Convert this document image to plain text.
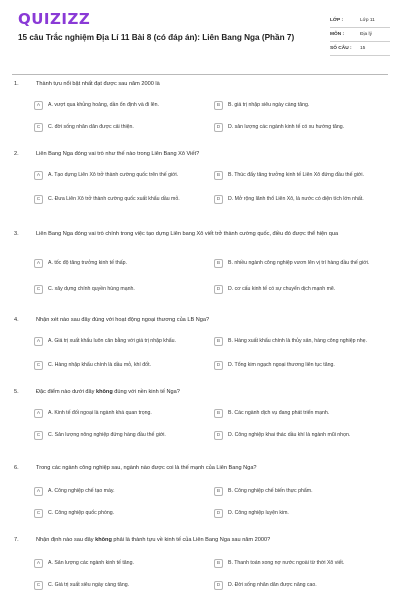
QUIZIZZ
15 câu Trắc nghiệm Địa Lí 11 Bài 8 (có đáp án): Liên Bang Nga (Phần 7)
LỚP :	Lớp 11
MÔN :	Địa lý
SỐ CÂU :	15
1.	Thành tựu nổi bật nhất đạt được sau năm 2000 là
A	A. vượt qua khủng hoảng, dần ổn định và đi lên.	B	B. giá trị nhập siêu ngày càng tăng.
C	C. đời sống nhân dân được cải thiện.	D	D. sản lượng các ngành kinh tế có xu hướng tăng.
2.	Liên Bang Nga đóng vai trò như thế nào trong Liên Bang Xô Viết?
A	A. Tạo dựng Liên Xô trở thành cường quốc trên thế giới.	B	B. Thúc đẩy tăng trưởng kinh tế Liên Xô đứng đầu thế giới.
C	C. Đưa Liên Xô trở thành cường quốc xuất khẩu dầu mỏ.	D	D. Mở rộng lãnh thổ Liên Xô, là nước có diện tích lớn nhất.
3.	Liên Bang Nga đóng vai trò chính trong việc tạo dựng Liên bang Xô viết trở thành cường quốc, điều đó được thể hiện qua
A	A. tốc độ tăng trưởng kinh tế thấp.	B	B. nhiều ngành công nghiệp vươn lên vị trí hàng đầu thế giới.
C	C. xây dựng chính quyền hùng mạnh.	D	D. cơ cấu kinh tế có sự chuyển dịch mạnh mẽ.
4.	Nhận xét nào sau đây đúng với hoạt động ngoại thương của LB Nga?
A	A. Giá trị xuất khẩu luôn cân bằng với giá trị nhập khẩu.	B	B. Hàng xuất khẩu chính là thủy sản, hàng công nghiệp nhẹ.
C	C. Hàng nhập khẩu chính là dầu mỏ, khí đốt.	D	D. Tổng kim ngạch ngoại thương liên tục tăng.
5.	Đặc điểm nào dưới đây không đúng với nền kinh tế Nga?
A	A. Kinh tế đối ngoại là ngành khá quan trọng.	B	B. Các ngành dịch vụ đang phát triển mạnh.
C	C. Sản lượng nông nghiệp đứng hàng đầu thế giới.	D	D. Công nghiệp khai thác dầu khí là ngành mũi nhọn.
6.	Trong các ngành công nghiệp sau, ngành nào được coi là thế mạnh của Liên Bang Nga?
A	A. Công nghiệp chế tạo máy.	B	B. Công nghiệp chế biến thực phẩm.
C	C. Công nghiệp quốc phòng.	D	D. Công nghiệp luyện kim.
7.	Nhận định nào sau đây không phải là thành tựu về kinh tế của Liên Bang Nga sau năm 2000?
A	A. Sản lượng các ngành kinh tế tăng.	B	B. Thanh toán xong nợ nước ngoài từ thời Xô viết.
C	C. Giá trị xuất siêu ngày càng tăng.	D	D. Đời sống nhân dân được nâng cao.
